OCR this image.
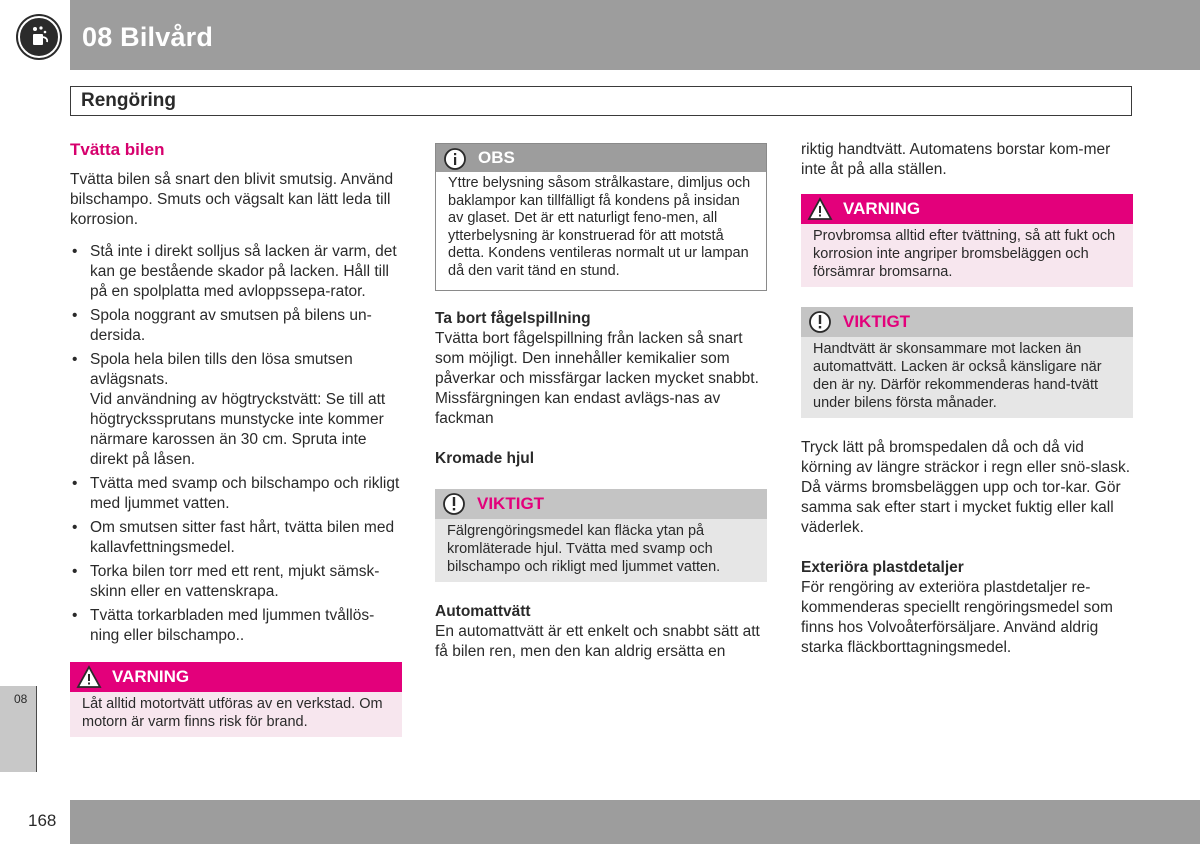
08 Bilvård
Rengöring
Tvätta bilen

Tvätta bilen så snart den blivit smutsig. Använd bilschampo. Smuts och vägsalt kan lätt leda till korrosion.

• Stå inte i direkt solljus så lacken är varm, det kan ge bestående skador på lacken. Håll till på en spolplatta med avloppssepa-rator.
• Spola noggrant av smutsen på bilens un-dersida.
• Spola hela bilen tills den lösa smutsen avlägsnats.
Vid användning av högtryckstvätt: Se till att högtryckssprutans munstycke inte kommer närmare karossen än 30 cm. Spruta inte direkt på låsen.
• Tvätta med svamp och bilschampo och rikligt med ljummet vatten.
• Om smutsen sitter fast hårt, tvätta bilen med kallavfettningsmedel.
• Torka bilen torr med ett rent, mjukt sämsk-skinn eller en vattenskrapa.
• Tvätta torkarbladen med ljummen tvållös-ning eller bilschampo..
VARNING
Låt alltid motortvätt utföras av en verkstad. Om motorn är varm finns risk för brand.
OBS
Yttre belysning såsom strålkastare, dimljus och baklampor kan tillfälligt få kondens på insidan av glaset. Det är ett naturligt feno-men, all ytterbelysning är konstruerad för att motstå detta. Kondens ventileras normalt ut ur lampan då den varit tänd en stund.
Ta bort fågelspillning

Tvätta bort fågelspillning från lacken så snart som möjligt. Den innehåller kemikalier som påverkar och missfärgar lacken mycket snabbt. Missfärgningen kan endast avlägs-nas av fackman

Kromade hjul
VIKTIGT
Fälgrengöringsmedel kan fläcka ytan på kromläterade hjul. Tvätta med svamp och bilschampo och rikligt med ljummet vatten.
Automattvätt

En automattvätt är ett enkelt och snabbt sätt att få bilen ren, men den kan aldrig ersätta en

riktig handtvätt. Automatens borstar kom-mer inte åt på alla ställen.

VARNING
Provbromsa alltid efter tvättning, så att fukt och korrosion inte angriper bromsbeläggen och försämrar bromsarna.
VIKTIGT
Handtvätt är skonsammare mot lacken än automattvätt. Lacken är också känsligare när den är ny. Därför rekommenderas hand-tvätt under bilens första månader.

Tryck lätt på bromspedalen då och då vid körning av längre sträckor i regn eller snö-slask. Då värms bromsbeläggen upp och tor-kar. Gör samma sak efter start i mycket fuktig eller kall väderlek.

Exteriöra plastdetaljer

För rengöring av exteriöra plastdetaljer re-kommenderas speciellt rengöringsmedel som finns hos Volvoåterförsäljare. Använd aldrig starka fläckborttagningsmedel.

08
168
